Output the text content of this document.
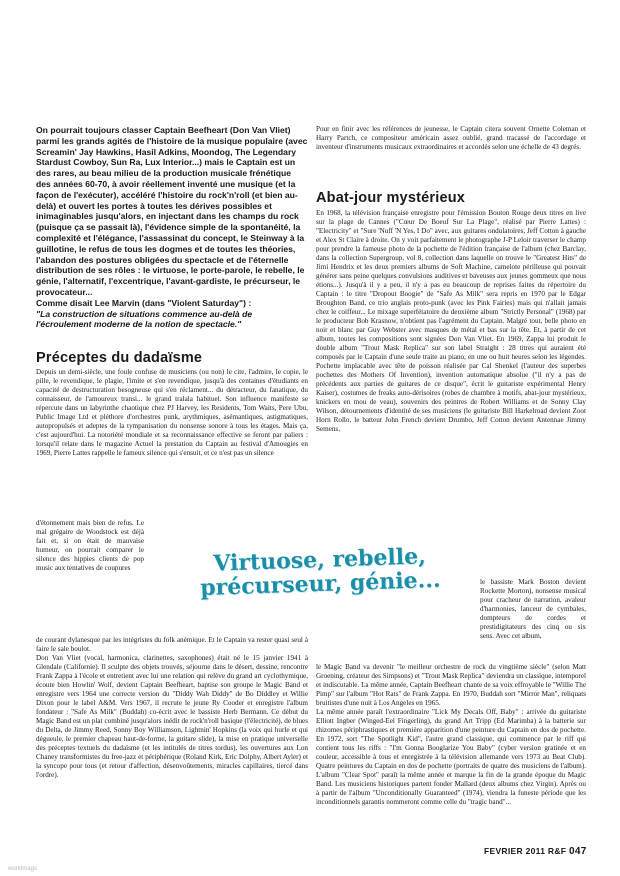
On pourrait toujours classer Captain Beefheart (Don Van Vliet) parmi les grands agités de l'histoire de la musique populaire (avec Screamin' Jay Hawkins, Hasil Adkins, Moondog, The Legendary Stardust Cowboy, Sun Ra, Lux Interior...) mais le Captain est un des rares, au beau milieu de la production musicale frénétique des années 60-70, à avoir réellement inventé une musique (et la façon de l'exécuter), accéléré l'histoire du rock'n'roll (et bien au-delà) et ouvert les portes à toutes les dérives possibles et inimaginables jusqu'alors, en injectant dans les champs du rock (puisque ça se passait là), l'évidence simple de la spontanéité, la complexité et l'élégance, l'assassinat du concept, le Steinway à la guillotine, le refus de tous les dogmes et de toutes les théories, l'abandon des postures obligées du spectacle et de l'éternelle distribution de ses rôles : le virtuose, le porte-parole, le rebelle, le génie, l'alternatif, l'excentrique, l'avant-gardiste, le précurseur, le provocateur...

Comme disait Lee Marvin (dans "Violent Saturday") :

"La construction de situations commence au-delà de l'écroulement moderne de la notion de spectacle."

Préceptes du dadaïsme

Depuis un demi-siècle, une foule confuse de musiciens (ou non) le cite, l'admire, le copie, le pille, le revendique, le plagie, l'imite et s'en revendique, jusqu'à des centaines d'étudiants en capacité de destructuration besogneuse qui s'en réclament... du détracteur, du fanatique, du connaisseur, de l'amoureux transi... le grand tralala habituel. Son influence manifeste se répercute dans un labyrinthe chaotique chez PJ Harvey, les Residents, Tom Waits, Pere Ubu, Public Image Ltd et pléthore d'orchestres punk, arythmiques, asémantiques, astigmatiques, autopropulsés et adeptes de la tympanisation du nonsense sonore à tous les étages. Mais ça, c'est aujourd'hui. La notoriété mondiale et sa reconnaissance effective se feront par paliers : lorsqu'il relate dans le magazine Actuel la prestation du Captain au festival d'Amougies en 1969, Pierre Lattes rappelle le fameux silence qui s'ensuit, et ce n'est pas un silence

d'étonnement mais bien de refus. Le mal grégaire de Woodstock est déjà fait et, si on était de mauvaise humeur, on pourrait comparer le silence des hippies clients de pop music aux tentatives de coupures

de courant dylanesque par les intégristes du folk anémique. Et le Captain va rester quasi seul à faire le sale boulot.

Don Van Vliet (vocal, harmonica, clarinettes, saxophones) était né le 15 janvier 1941 à Glendale (Californie). Il sculpte des objets trouvés, séjourne dans le désert, dessine, rencontre Frank Zappa à l'école et entretient avec lui une relation qui relève du grand art cyclothymique, écoute bien Howlin' Wolf, devient Captain Beefheart, baptise son groupe le Magic Band et enregistre vers 1964 une correcte version du "Diddy Wah Diddy" de Bo Diddley et Willie Dixon pour le label A&M. Vers 1967, il recrute le jeune Ry Cooder et enregistre l'album fondateur : "Safe As Milk" (Buddah) co-écrit avec le bassiste Herb Bermann. Ce début du Magic Band est un plat combiné jusqu'alors inédit de rock'n'roll basique (l'électricité), de blues du Delta, de Jimmy Reed, Sonny Boy Williamson, Lightnin' Hopkins (la voix qui hurle et qui dégueule, le premier chapeau haut-de-forme, la guitare slide), la mise en pratique universelle des préceptes textuels du dadaïsme (et les intitulés de titres tordus), les ouvertures aux Lon Chaney transformistes du free-jazz et périphérique (Roland Kirk, Eric Dolphy, Albert Ayler) et la syncope pour tous (et retour d'affection, désenvoûtements, miracles capillaires, tiercé dans l'ordre).

Pour en finir avec les références de jeunesse, le Captain citera souvent Ornette Coleman et Harry Partch, ce compositeur américain assez oublié, grand tracassé de l'accordage et inventeur d'instruments musicaux extraordinaires et accordés selon une échelle de 43 degrés.

Abat-jour mystérieux

En 1968, la télévision française enregistre pour l'émission Bouton Rouge deux titres en live sur la plage de Cannes ("Cœur De Boeuf Sur La Plage", réalisé par Pierre Lattes) : "Electricity" et "Sure 'Nuff 'N Yes, I Do" avec, aux guitares ondulatoires, Jeff Cotton à gauche et Alex St Claire à droite. On y voit parfaitement le photographe J-P Leloir traverser le champ pour prendre la fameuse photo de la pochette de l'édition française de l'album (chez Barclay, dans la collection Supergroup, vol 8, collection dans laquelle on trouve le "Greatest Hits" de Jimi Hendrix et les deux premiers albums de Soft Machine, camelote périlleuse qui pouvait générer sans peine quelques convulsions auditives et baveuses aux jeunes gommeux que nous étions...). Jusqu'à il y a peu, il n'y a pas eu beaucoup de reprises faites du répertoire du Captain : le titre "Dropout Boogie" de "Safe As Milk" sera repris en 1970 par le Edgar Broughton Band, ce trio anglais proto-punk (avec les Pink Fairies) mais qui n'allait jamais chez le coiffeur... Le mixage superfétatoire du deuxième album "Strictly Personal" (1968) par le producteur Bob Krasnow, n'obtient pas l'agrément du Captain. Malgré tout, belle photo en noir et blanc par Guy Webster avec masques de métal et bas sur la tête. Et, à partir de cet album, toutes les compositions sont signées Don Van Vliet. En 1969, Zappa lui produit le double album "Trout Mask Replica" sur son label Straight : 28 titres qui auraient été composés par le Captain d'une seule traite au piano, en une ou huit heures selon les légendes. Pochette implacable avec tête de poisson réalisée par Cal Shenkel (l'auteur des superbes pochettes des Mothers Of Invention), invention automatique absolue ("il n'y a pas de précédents aux parties de guitares de ce disque", écrit le guitariste expérimental Henry Kaiser), costumes de freaks auto-dérisoires (robes de chambre à motifs, abat-jour mystérieux, knickers en mou de veau), souvenirs des peintres de Robert Williams et de Sonny Clay Wilson, détournements d'identité de ses musiciens (le guitariste Bill Harkelroad devient Zoot Horn Rollo, le batteur John French devient Drumbo, Jeff Cotton devient Antennae Jimmy Semens,

le bassiste Mark Boston devient Rockette Morton), nonsense musical pour cracheur de narration, avaleur d'harmonies, lanceur de cymbales, dompteurs de cordes et prestidigitateurs des cinq ou six sens. Avec cet album,

le Magic Band va devenir "le meilleur orchestre de rock du vingtième siècle" (selon Matt Groening, créateur des Simpsons) et "Trout Mask Replica" deviendra un classique, intemporel et indiscutable. La même année, Captain Beefheart chante de sa voix effroyable le "Willie The Pimp" sur l'album "Hot Rats" de Frank Zappa. En 1970, Buddah sort "Mirror Man", reliquats bruitistes d'une nuit à Los Angeles en 1965.

La même année paraît l'extraordinaire "Lick My Decals Off, Baby" : arrivée du guitariste Elliott Ingber (Winged-Eel Fingerling), du grand Art Tripp (Ed Marimba) à la batterie sur rhizomes périphrastiques et première apparition d'une peinture du Captain en dos de pochette. En 1972, sort "The Spotlight Kid", l'autre grand classique, qui commence par le riff qui contient tous les riffs : "I'm Gonna Booglarize You Baby" (cyber version gratinée et en couleur, accessible à tous et enregistrée à la télévision allemande vers 1973 au Beat Club). Quatre peintures du Captain en dos de pochette (portraits de quatre des musiciens de l'album). L'album "Clear Spot" paraît la même année et marque la fin de la grande époque du Magic Band. Les musiciens historiques partent fonder Mallard (deux albums chez Virgin). Après ou à partir de l'album "Unconditionally Guaranteed" (1974), viendra la funeste période que les inconditionnels garantis nommeront comme celle du "tragic band"...

Virtuose, rebelle, précurseur, génie...
FEVRIER 2011 R&F 047
worldmags
